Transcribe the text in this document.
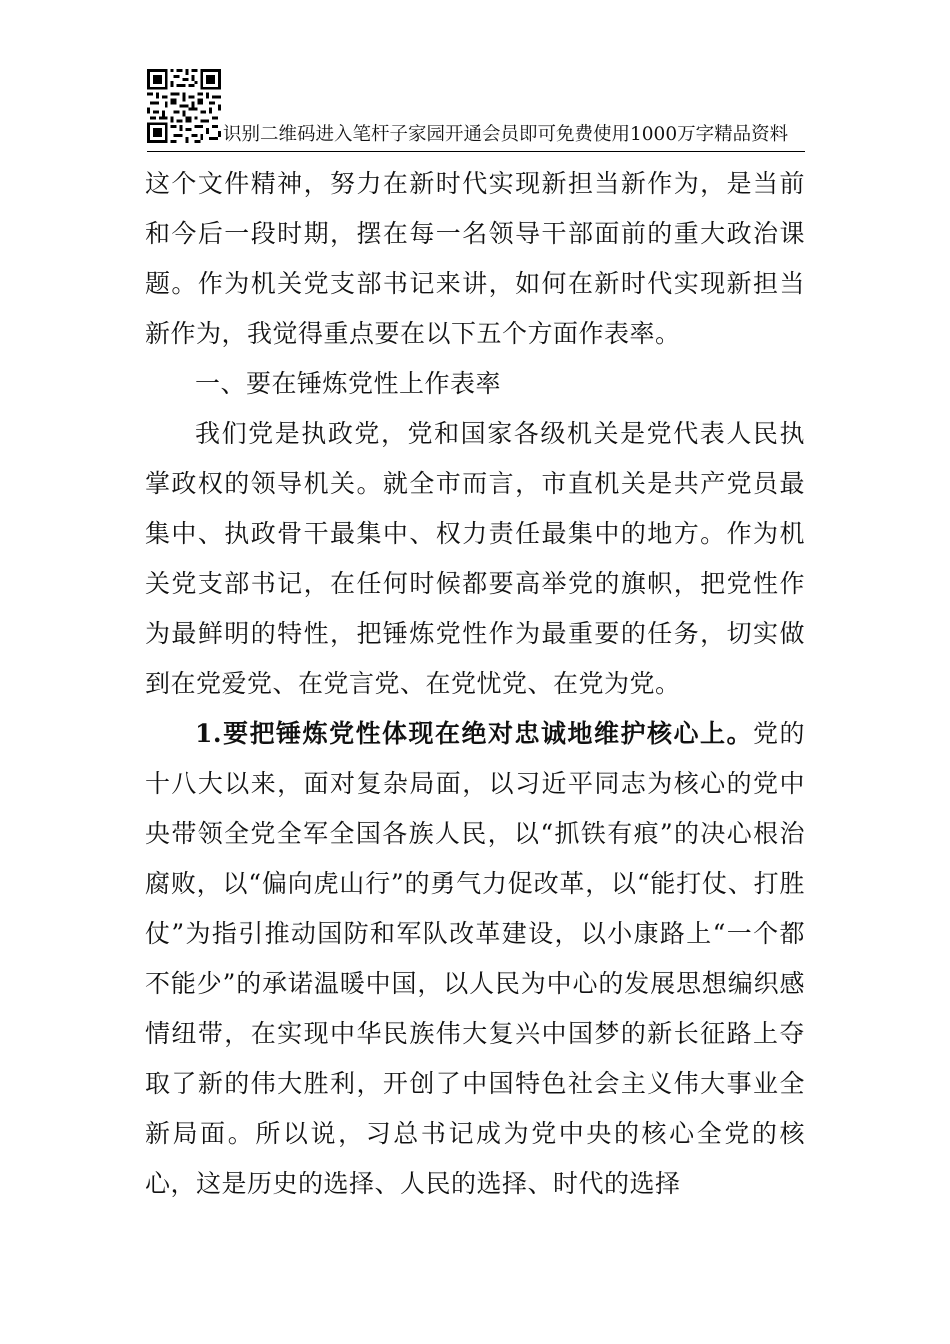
识别二维码进入笔杆子家园开通会员即可免费使用1000万字精品资料

这个文件精神，努力在新时代实现新担当新作为，是当前和今后一段时期，摆在每一名领导干部面前的重大政治课题。作为机关党支部书记来讲，如何在新时代实现新担当新作为，我觉得重点要在以下五个方面作表率。

一、要在锤炼党性上作表率

我们党是执政党，党和国家各级机关是党代表人民执掌政权的领导机关。就全市而言，市直机关是共产党员最集中、执政骨干最集中、权力责任最集中的地方。作为机关党支部书记，在任何时候都要高举党的旗帜，把党性作为最鲜明的特性，把锤炼党性作为最重要的任务，切实做到在党爱党、在党言党、在党忧党、在党为党。

1.要把锤炼党性体现在绝对忠诚地维护核心上。党的十八大以来，面对复杂局面，以习近平同志为核心的党中央带领全党全军全国各族人民，以“抓铁有痕”的决心根治腐败，以“偏向虎山行”的勇气力促改革，以“能打仗、打胜仗”为指引推动国防和军队改革建设，以小康路上“一个都不能少”的承诺温暖中国，以人民为中心的发展思想编织感情纽带，在实现中华民族伟大复兴中国梦的新长征路上夺取了新的伟大胜利，开创了中国特色社会主义伟大事业全新局面。所以说，习总书记成为党中央的核心全党的核心，这是历史的选择、人民的选择、时代的选择
